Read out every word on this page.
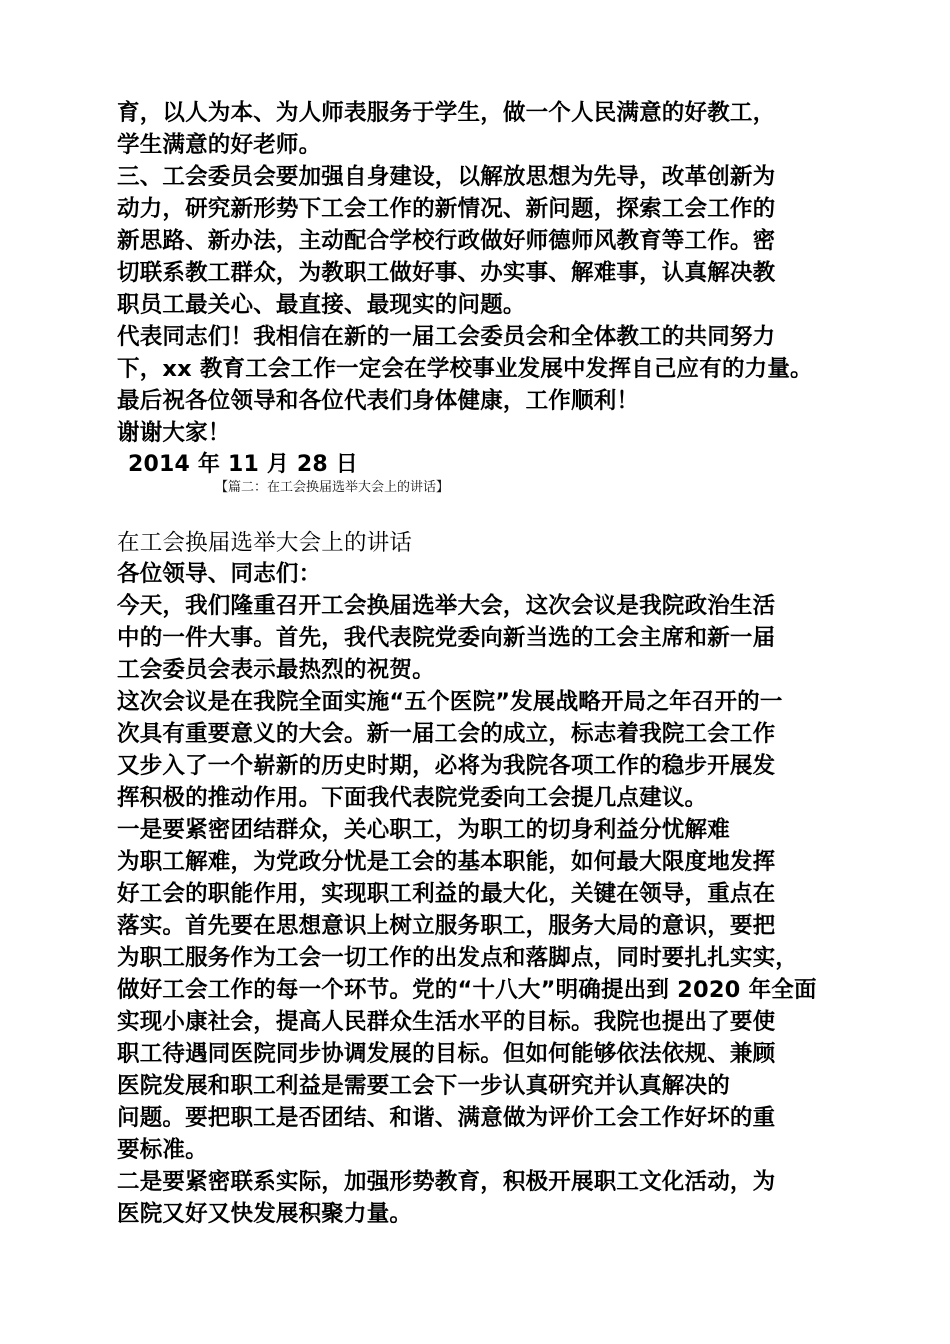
育，以人为本、为人师表服务于学生，做一个人民满意的好教工，
学生满意的好老师。
三、工会委员会要加强自身建设，以解放思想为先导，改革创新为
动力，研究新形势下工会工作的新情况、新问题，探索工会工作的
新思路、新办法，主动配合学校行政做好师德师风教育等工作。密
切联系教工群众，为教职工做好事、办实事、解难事，认真解决教
职员工最关心、最直接、最现实的问题。
代表同志们！我相信在新的一届工会委员会和全体教工的共同努力
下，xx 教育工会工作一定会在学校事业发展中发挥自己应有的力量。
最后祝各位领导和各位代表们身体健康，工作顺利！
谢谢大家！
2014 年 11 月 28 日
【篇二：在工会换届选举大会上的讲话】
在工会换届选举大会上的讲话
各位领导、同志们：
今天，我们隆重召开工会换届选举大会，这次会议是我院政治生活
中的一件大事。首先，我代表院党委向新当选的工会主席和新一届
工会委员会表示最热烈的祝贺。
这次会议是在我院全面实施“五个医院”发展战略开局之年召开的一
次具有重要意义的大会。新一届工会的成立，标志着我院工会工作
又步入了一个崭新的历史时期，必将为我院各项工作的稳步开展发
挥积极的推动作用。下面我代表院党委向工会提几点建议。
一是要紧密团结群众，关心职工，为职工的切身利益分忧解难
为职工解难，为党政分忧是工会的基本职能，如何最大限度地发挥
好工会的职能作用，实现职工利益的最大化，关键在领导，重点在
落实。首先要在思想意识上树立服务职工，服务大局的意识，要把
为职工服务作为工会一切工作的出发点和落脚点，同时要扎扎实实，
做好工会工作的每一个环节。党的“十八大”明确提出到 2020 年全面
实现小康社会，提高人民群众生活水平的目标。我院也提出了要使
职工待遇同医院同步协调发展的目标。但如何能够依法依规、兼顾
医院发展和职工利益是需要工会下一步认真研究并认真解决的
问题。要把职工是否团结、和谐、满意做为评价工会工作好坏的重
要标准。
二是要紧密联系实际，加强形势教育，积极开展职工文化活动，为
医院又好又快发展积聚力量。
